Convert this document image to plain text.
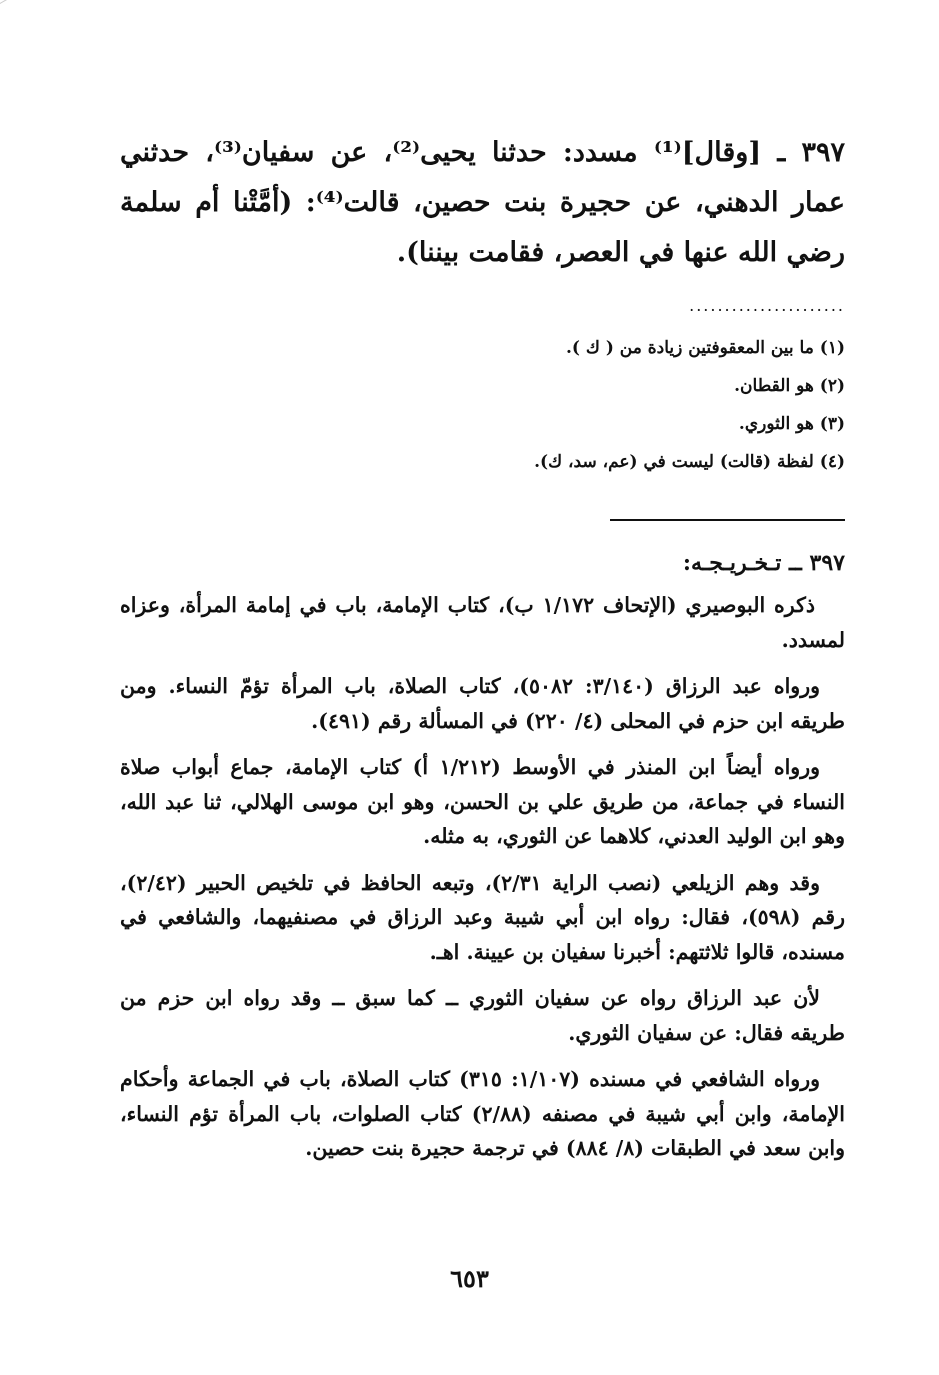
٣٩٧ ـ [وقال]⁽¹⁾ مسدد: حدثنا يحيى⁽²⁾، عن سفيان⁽³⁾، حدثني عمار الدهني، عن حجيرة بنت حصين، قالت⁽⁴⁾: (أمَّتْنا أم سلمة رضي الله عنها في العصر، فقامت بيننا).
......................
(١) ما بين المعقوفتين زيادة من ( ك ).
(٢) هو القطان.
(٣) هو الثوري.
(٤) لفظة (قالت) ليست في (عم، سد، ك).
٣٩٧ ــ تـخـريـجـه:

ذكره البوصيري (الإتحاف ١/١٧٢ ب)، كتاب الإمامة، باب في إمامة المرأة، وعزاه لمسدد.

ورواه عبد الرزاق (٣/١٤٠: ٥٠٨٢)، كتاب الصلاة، باب المرأة تؤمّ النساء. ومن طريقه ابن حزم في المحلى (٤/ ٢٢٠) في المسألة رقم (٤٩١).

ورواه أيضاً ابن المنذر في الأوسط (١/٢١٢ أ) كتاب الإمامة، جماع أبواب صلاة النساء في جماعة، من طريق علي بن الحسن، وهو ابن موسى الهلالي، ثنا عبد الله، وهو ابن الوليد العدني، كلاهما عن الثوري، به مثله.

وقد وهم الزيلعي (نصب الراية ٢/٣١)، وتبعه الحافظ في تلخيص الحبير (٢/٤٢)، رقم (٥٩٨)، فقال: رواه ابن أبي شيبة وعبد الرزاق في مصنفيهما، والشافعي في مسنده، قالوا ثلاثتهم: أخبرنا سفيان بن عيينة. اهـ.

لأن عبد الرزاق رواه عن سفيان الثوري ــ كما سبق ــ وقد رواه ابن حزم من طريقه فقال: عن سفيان الثوري.

ورواه الشافعي في مسنده (١/١٠٧: ٣١٥) كتاب الصلاة، باب في الجماعة وأحكام الإمامة، وابن أبي شيبة في مصنفه (٢/٨٨) كتاب الصلوات، باب المرأة تؤم النساء، وابن سعد في الطبقات (٨/ ٨٨٤) في ترجمة حجيرة بنت حصين.

٦٥٣
